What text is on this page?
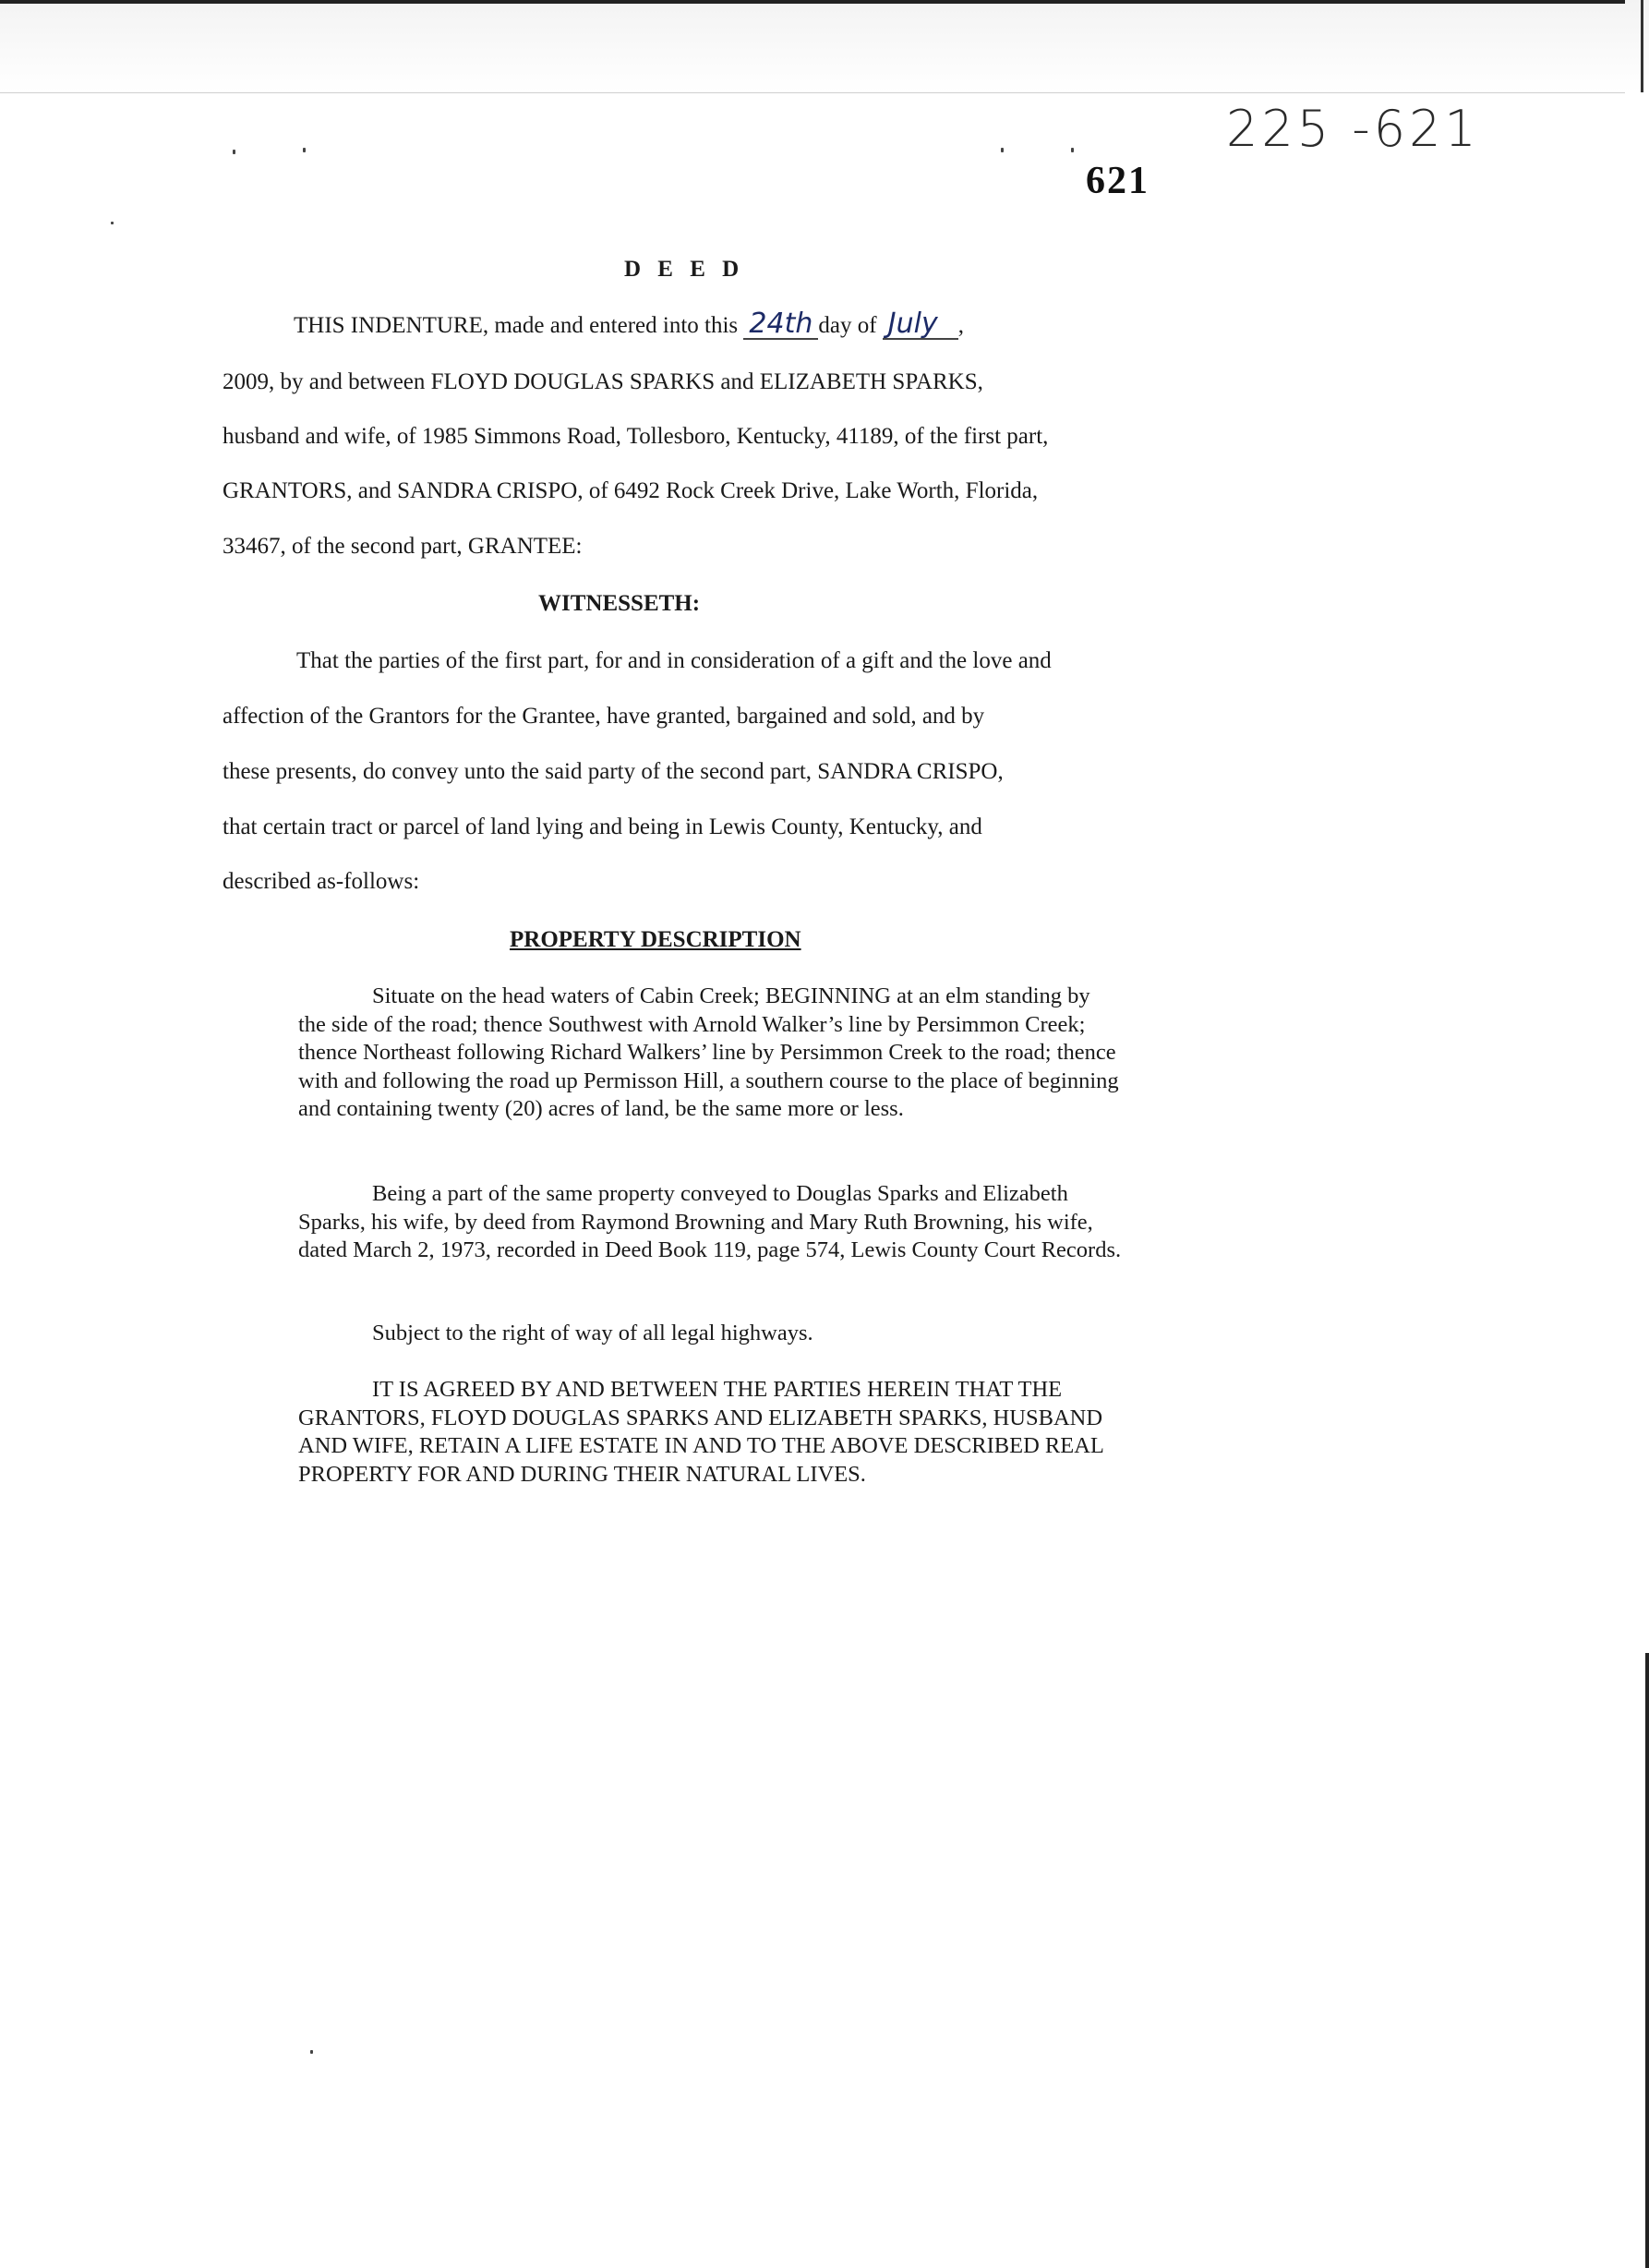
225 -621
621
D E E D
THIS INDENTURE, made and entered into this 24th day of July ,
2009, by and between FLOYD DOUGLAS SPARKS and ELIZABETH SPARKS,
husband and wife, of 1985 Simmons Road, Tollesboro, Kentucky, 41189, of the first part,
GRANTORS, and SANDRA CRISPO, of 6492 Rock Creek Drive, Lake Worth, Florida,
33467, of the second part, GRANTEE:
WITNESSETH:
That the parties of the first part, for and in consideration of a gift and the love and
affection of the Grantors for the Grantee, have granted, bargained and sold, and by
these presents, do convey unto the said party of the second part, SANDRA CRISPO,
that certain tract or parcel of land lying and being in Lewis County, Kentucky, and
described as-follows:
PROPERTY DESCRIPTION

Situate on the head waters of Cabin Creek; BEGINNING at an elm standing by the side of the road; thence Southwest with Arnold Walker’s line by Persimmon Creek; thence Northeast following Richard Walkers’ line by Persimmon Creek to the road; thence with and following the road up Permisson Hill, a southern course to the place of beginning and containing twenty (20) acres of land, be the same more or less.

Being a part of the same property conveyed to Douglas Sparks and Elizabeth Sparks, his wife, by deed from Raymond Browning and Mary Ruth Browning, his wife, dated March 2, 1973, recorded in Deed Book 119, page 574, Lewis County Court Records.

Subject to the right of way of all legal highways.

IT IS AGREED BY AND BETWEEN THE PARTIES HEREIN THAT THE GRANTORS, FLOYD DOUGLAS SPARKS AND ELIZABETH SPARKS, HUSBAND AND WIFE, RETAIN A LIFE ESTATE IN AND TO THE ABOVE DESCRIBED REAL PROPERTY FOR AND DURING THEIR NATURAL LIVES.
